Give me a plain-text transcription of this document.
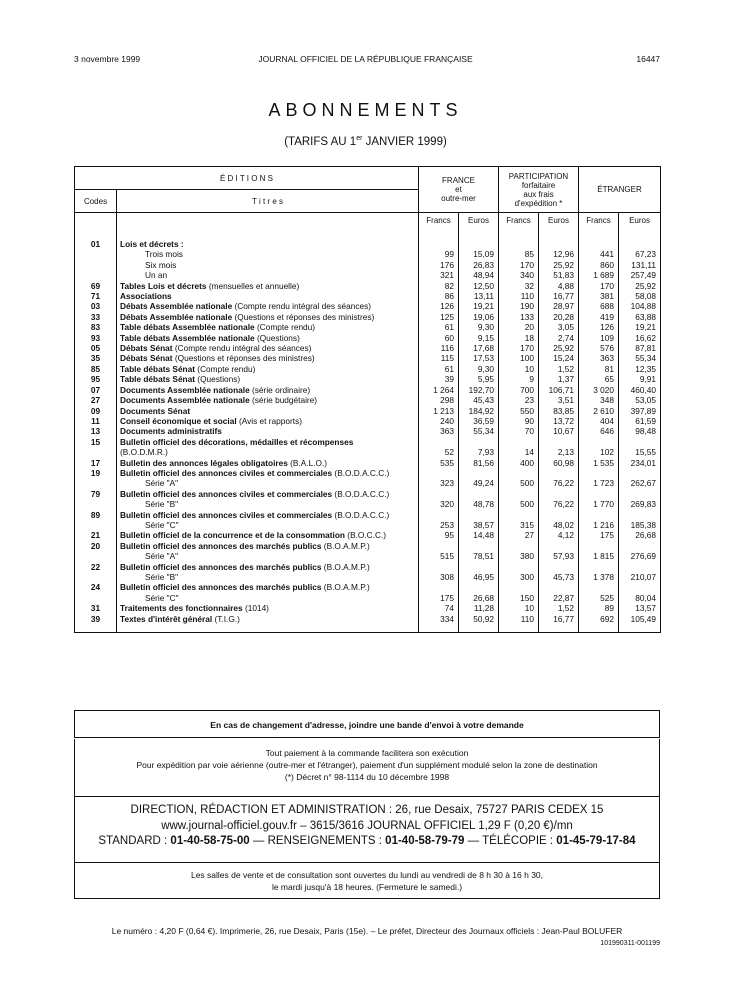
3 novembre 1999	JOURNAL OFFICIEL DE LA RÉPUBLIQUE FRANÇAISE	16447
ABONNEMENTS
(TARIFS AU 1er JANVIER 1999)
É D I T I O N S		FRANCE
et
outre-mer		PARTICIPATION
forfaitaire
aux frais
d'expédition *		ÉTRANGER	
Codes	T i t r e s						
		Francs	Euros	Francs	Euros	Francs	Euros
01	Lois et décrets :						
	Trois mois	99	15,09	85	12,96	441	67,23
	Six mois	176	26,83	170	25,92	860	131,11
	Un an	321	48,94	340	51,83	1 689	257,49
69	Tables Lois et décrets (mensuelles et annuelle)	82	12,50	32	4,88	170	25,92
71	Associations	86	13,11	110	16,77	381	58,08
03	Débats Assemblée nationale (Compte rendu intégral des séances)	126	19,21	190	28,97	688	104,88
33	Débats Assemblée nationale (Questions et réponses des ministres)	125	19,06	133	20,28	419	63,88
83	Table débats Assemblée nationale (Compte rendu)	61	9,30	20	3,05	126	19,21
93	Table débats Assemblée nationale (Questions)	60	9,15	18	2,74	109	16,62
05	Débats Sénat (Compte rendu intégral des séances)	116	17,68	170	25,92	576	87,81
35	Débats Sénat (Questions et réponses des ministres)	115	17,53	100	15,24	363	55,34
85	Table débats Sénat (Compte rendu)	61	9,30	10	1,52	81	12,35
95	Table débats Sénat (Questions)	39	5,95	9	1,37	65	9,91
07	Documents Assemblée nationale (série ordinaire)	1 264	192,70	700	106,71	3 020	460,40
27	Documents Assemblée nationale (série budgétaire)	298	45,43	23	3,51	348	53,05
09	Documents Sénat	1 213	184,92	550	83,85	2 610	397,89
11	Conseil économique et social (Avis et rapports)	240	36,59	90	13,72	404	61,59
13	Documents administratifs	363	55,34	70	10,67	646	98,48
15	Bulletin officiel des décorations, médailles et récompenses						
	(B.O.D.M.R.)	52	7,93	14	2,13	102	15,55
17	Bulletin des annonces légales obligatoires (B.A.L.O.)	535	81,56	400	60,98	1 535	234,01
19	Bulletin officiel des annonces civiles et commerciales (B.O.D.A.C.C.)						
	Série "A"	323	49,24	500	76,22	1 723	262,67
79	Bulletin officiel des annonces civiles et commerciales (B.O.D.A.C.C.)						
	Série "B"	320	48,78	500	76,22	1 770	269,83
89	Bulletin officiel des annonces civiles et commerciales (B.O.D.A.C.C.)						
	Série "C"	253	38,57	315	48,02	1 216	185,38
21	Bulletin officiel de la concurrence et de la consommation (B.O.C.C.)	95	14,48	27	4,12	175	26,68
20	Bulletin officiel des annonces des marchés publics (B.O.A.M.P.)						
	Série "A"	515	78,51	380	57,93	1 815	276,69
22	Bulletin officiel des annonces des marchés publics (B.O.A.M.P.)						
	Série "B"	308	46,95	300	45,73	1 378	210,07
24	Bulletin officiel des annonces des marchés publics (B.O.A.M.P.)						
	Série "C"	175	26,68	150	22,87	525	80,04
31	Traitements des fonctionnaires (1014)	74	11,28	10	1,52	89	13,57
39	Textes d'intérêt général (T.I.G.)	334	50,92	110	16,77	692	105,49

En cas de changement d'adresse, joindre une bande d'envoi à votre demande
Tout paiement à la commande facilitera son exécution
Pour expédition par voie aérienne (outre-mer et l'étranger), paiement d'un supplément modulé selon la zone de destination
(*) Décret n° 98-1114 du 10 décembre 1998
DIRECTION, RÉDACTION ET ADMINISTRATION : 26, rue Desaix, 75727 PARIS CEDEX 15
www.journal-officiel.gouv.fr – 3615/3616 JOURNAL OFFICIEL 1,29 F (0,20 €)/mn
STANDARD : 01-40-58-75-00 — RENSEIGNEMENTS : 01-40-58-79-79 — TÉLÉCOPIE : 01-45-79-17-84
Les salles de vente et de consultation sont ouvertes du lundi au vendredi de 8 h 30 à 16 h 30,
le mardi jusqu'à 18 heures. (Fermeture le samedi.)
Le numéro : 4,20 F (0,64 €). Imprimerie, 26, rue Desaix, Paris (15e). – Le préfet, Directeur des Journaux officiels : Jean-Paul BOLUFER
101990311-001199
